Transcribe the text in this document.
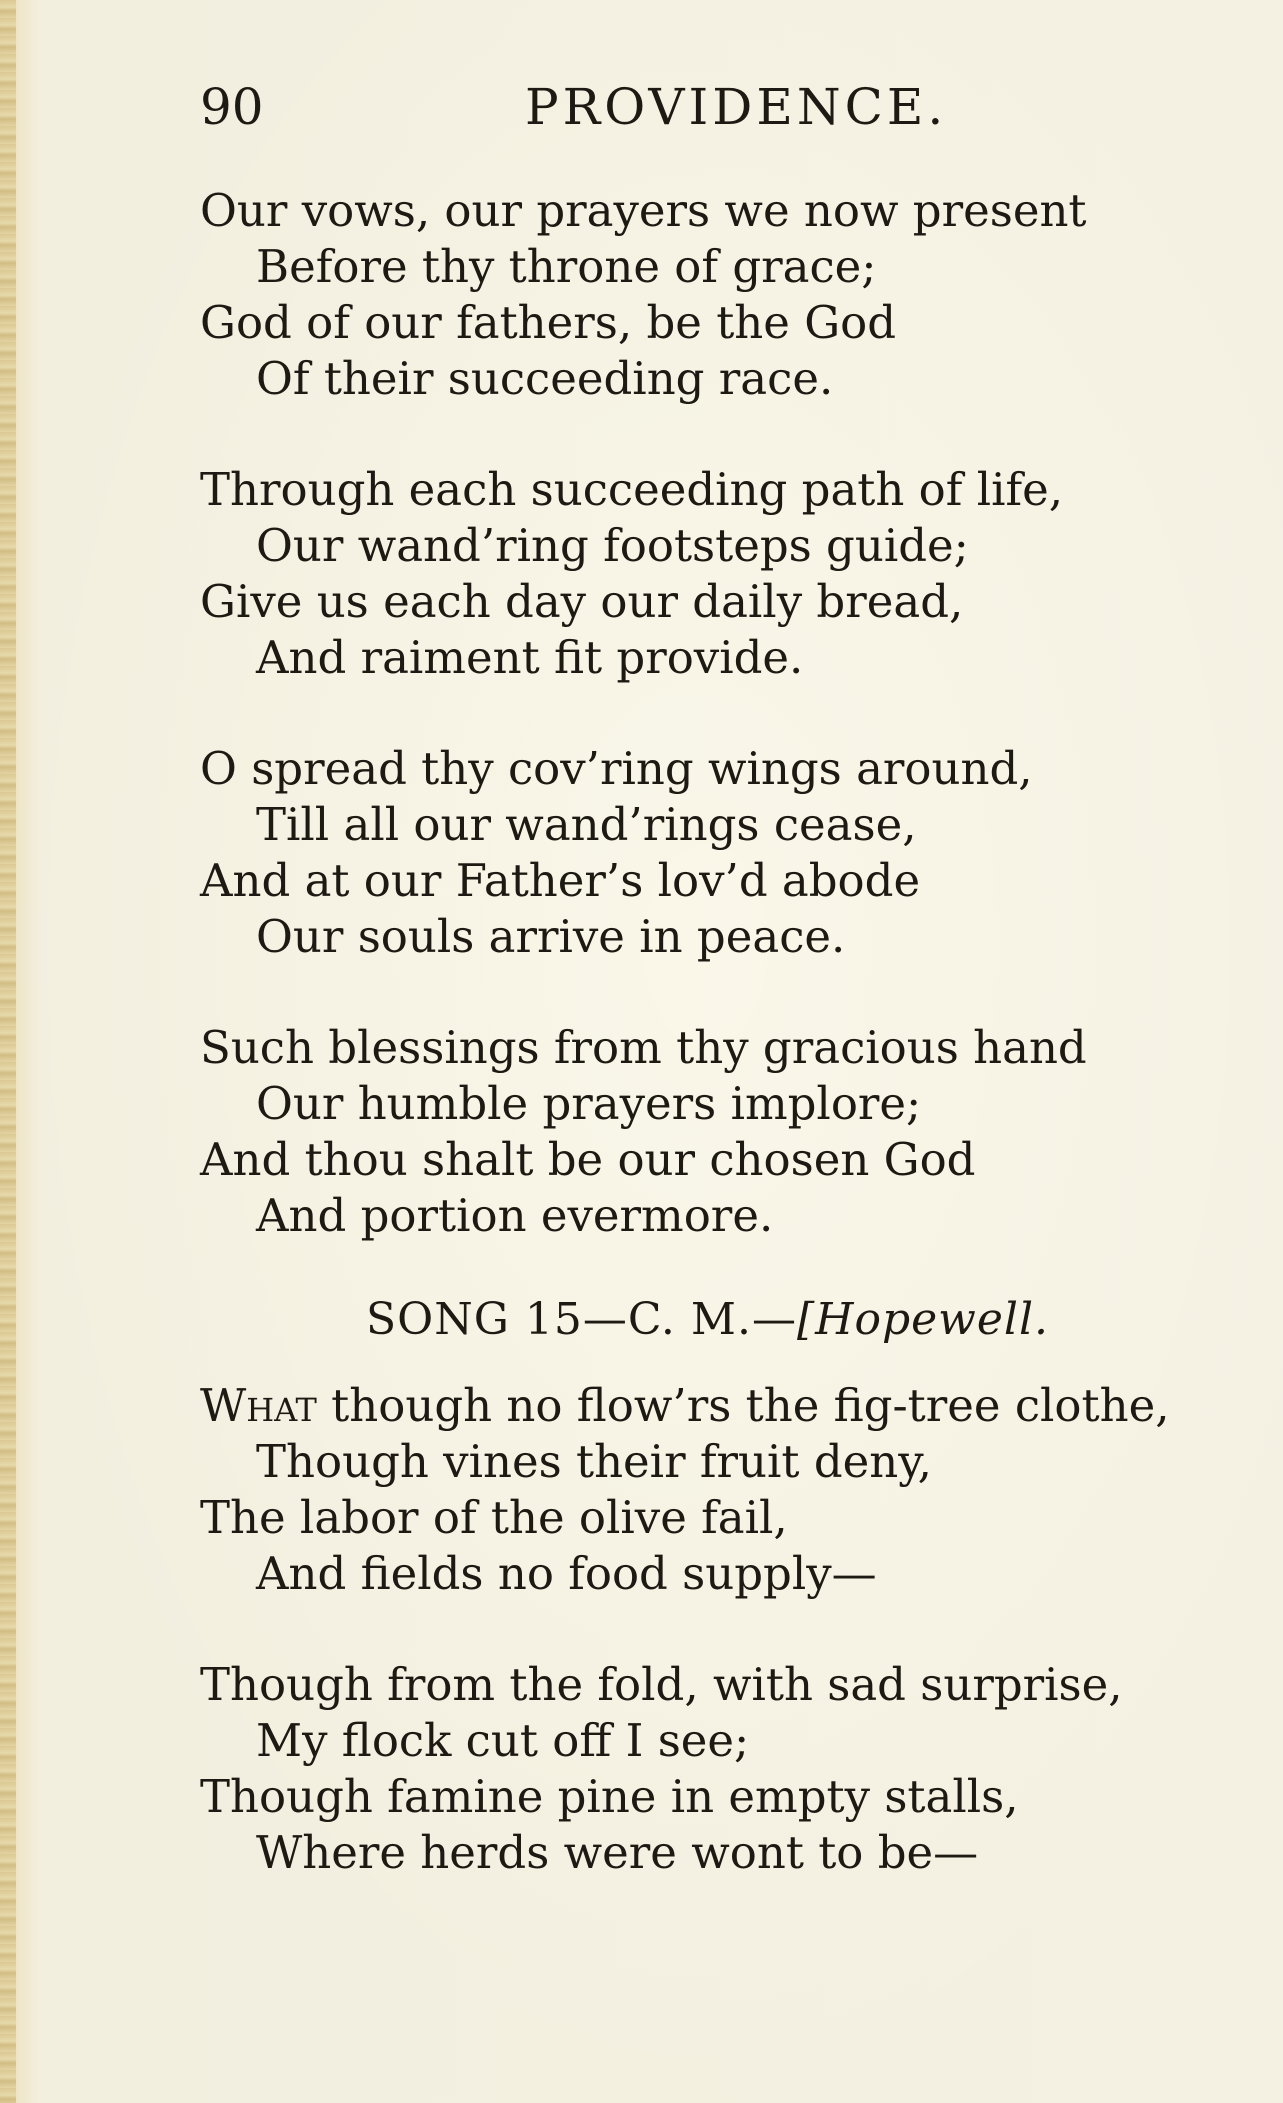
90	PROVIDENCE.
Our vows, our prayers we now present
Before thy throne of grace;
God of our fathers, be the God
Of their succeeding race.
Through each succeeding path of life,
Our wand’ring footsteps guide;
Give us each day our daily bread,
And raiment fit provide.
O spread thy cov’ring wings around,
Till all our wand’rings cease,
And at our Father’s lov’d abode
Our souls arrive in peace.
Such blessings from thy gracious hand
Our humble prayers implore;
And thou shalt be our chosen God
And portion evermore.
SONG 15—C. M.—[Hopewell.
What though no flow’rs the fig-tree clothe,
Though vines their fruit deny,
The labor of the olive fail,
And fields no food supply—
Though from the fold, with sad surprise,
My flock cut off I see;
Though famine pine in empty stalls,
Where herds were wont to be—
